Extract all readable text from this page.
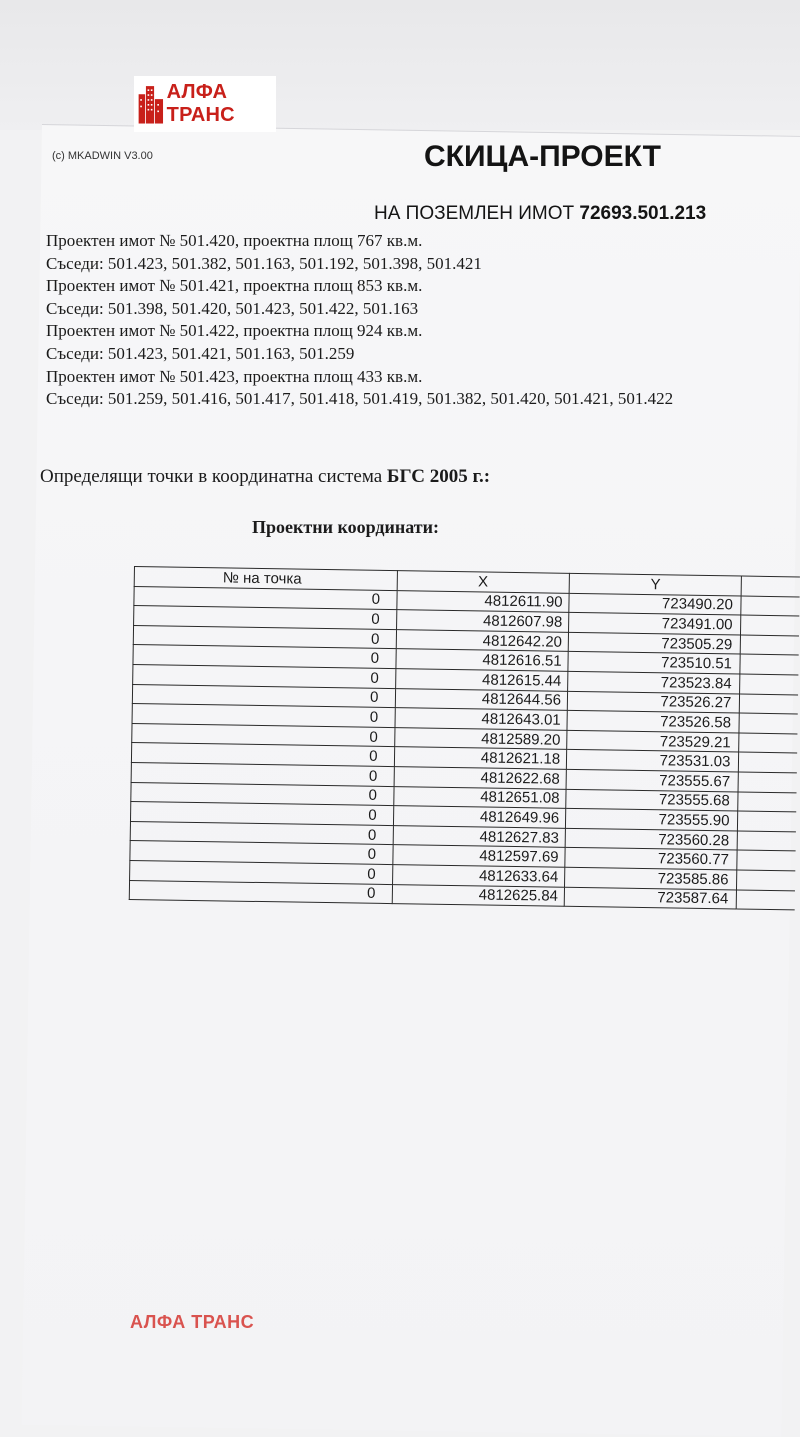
АЛФА ТРАНС
(c) MKADWIN V3.00	СКИЦА-ПРОЕКТ
НА ПОЗЕМЛЕН ИМОТ 72693.501.213
Проектен имот № 501.420, проектна площ 767 кв.м.
Съседи: 501.423, 501.382, 501.163, 501.192, 501.398, 501.421
Проектен имот № 501.421, проектна площ 853 кв.м.
Съседи: 501.398, 501.420, 501.423, 501.422, 501.163
Проектен имот № 501.422, проектна площ 924 кв.м.
Съседи: 501.423, 501.421, 501.163, 501.259
Проектен имот № 501.423, проектна площ 433 кв.м.
Съседи: 501.259, 501.416, 501.417, 501.418, 501.419, 501.382, 501.420, 501.421, 501.422
Определящи точки в координатна система БГС 2005 г.:
Проектни координати:
№ на точка	X	Y	
0	4812611.90	723490.20	
0	4812607.98	723491.00	
0	4812642.20	723505.29	
0	4812616.51	723510.51	
0	4812615.44	723523.84	
0	4812644.56	723526.27	
0	4812643.01	723526.58	
0	4812589.20	723529.21	
0	4812621.18	723531.03	
0	4812622.68	723555.67	
0	4812651.08	723555.68	
0	4812649.96	723555.90	
0	4812627.83	723560.28	
0	4812597.69	723560.77	
0	4812633.64	723585.86	
0	4812625.84	723587.64	
АЛФА ТРАНС
